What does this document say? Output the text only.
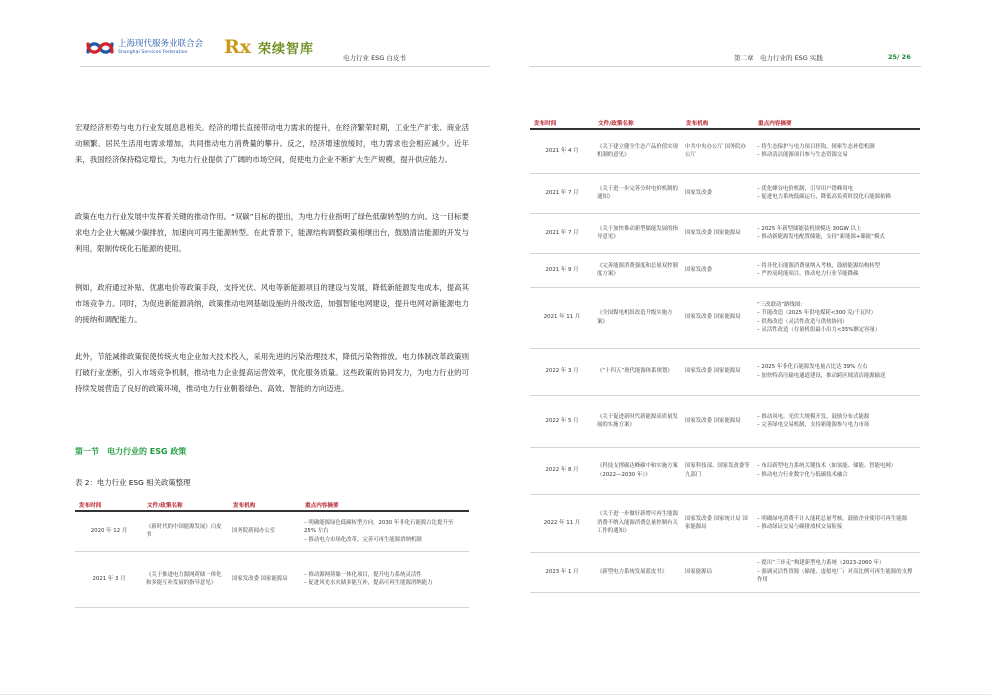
上海现代服务业联合会
Shanghai Services Federation	Rx 荣续智库
电力行业 ESG 白皮书	第二章　电力行业的 ESG 实践	25/ 26
宏观经济形势与电力行业发展息息相关。经济的增长直接带动电力需求的提升，在经济繁荣时期，工业生产扩张、商业活动频繁、居民生活用电需求增加，共同推动电力消费量的攀升。反之，经济增速放缓时，电力需求也会相应减少。近年来，我国经济保持稳定增长，为电力行业提供了广阔的市场空间，促使电力企业不断扩大生产规模，提升供应能力。
政策在电力行业发展中发挥着关键的推动作用。“双碳”目标的提出，为电力行业指明了绿色低碳转型的方向。这一目标要求电力企业大幅减少碳排放，加速向可再生能源转型。在此背景下，能源结构调整政策相继出台，鼓励清洁能源的开发与利用，限制传统化石能源的使用。
例如，政府通过补贴、优惠电价等政策手段，支持光伏、风电等新能源项目的建设与发展，降低新能源发电成本，提高其市场竞争力。同时，为促进新能源消纳，政策推动电网基础设施的升级改造，加强智能电网建设，提升电网对新能源电力的接纳和调配能力。
此外，节能减排政策促使传统火电企业加大技术投入，采用先进的污染治理技术，降低污染物排放。电力体制改革政策则打破行业垄断，引入市场竞争机制，推动电力企业提高运营效率，优化服务质量。这些政策的协同发力，为电力行业的可持续发展营造了良好的政策环境，推动电力行业朝着绿色、高效、智能的方向迈进。
第一节　电力行业的 ESG 政策
表 2：电力行业 ESG 相关政策整理
发布时间	文件/政策名称	发布机构	重点内容摘要
2020 年 12 月	《新时代的中国能源发展》白皮书	国务院新闻办公室	– 明确能源绿色低碳转型方向，2030 年非化石能源占比提升至 25% 左右
– 推动电力市场化改革，完善可再生能源消纳机制

2021 年 3 月	《关于推进电力源网荷储一体化和多能互补发展的指导意见》	国家发改委 国家能源局	– 推动源网荷储一体化项目，提升电力系统灵活性
– 促进风光水火储多能互补，提高可再生能源消纳能力
发布时间	文件/政策名称	发布机构	重点内容摘要
2021 年 4 月	《关于建立健全生态产品价值实现机制的意见》	中共中央办公厅 国务院办公厅	– 将生态保护与电力项目挂钩，探索生态补偿机制
– 推动清洁能源项目参与生态资源交易

2021 年 7 月	《关于进一步完善分时电价机制的通知》	国家发改委	– 优化峰谷电价机制，引导用户错峰用电
– 促进电力系统低碳运行，降低高负荷时段化石能源依赖

2021 年 7 月	《关于加快推动新型储能发展的指导意见》	国家发改委 国家能源局	– 2025 年新型储能装机规模达 30GW 以上
– 推动新能源发电配置储能，支持“新能源+储能”模式

2021 年 9 月	《完善能源消费强度和总量双控制度方案》	国家发改委	– 将非化石能源消费量纳入考核，鼓励能源结构转型
– 严控高耗能项目，推动电力行业节能降碳

2021 年 11 月	《全国煤电机组改造升级实施方案》	国家发改委 国家能源局	“三改联动”路线图：
– 节能改造（2025 年供电煤耗<300 克/千瓦时）
– 供热改造（灵活性改造与供热协同）
– 灵活性改造（存量机组最小出力<35%额定容量）

2022 年 3 月	《“十四五”现代能源体系规划》	国家发改委 国家能源局	– 2025 年非化石能源发电量占比达 39% 左右
– 加快特高压输电通道建设，推动跨区域清洁能源输送

2022 年 5 月	《关于促进新时代新能源高质量发展的实施方案》	国家发改委 国家能源局	– 推动风电、光伏大规模开发，鼓励分布式能源
– 完善绿电交易机制，支持新能源参与电力市场

2022 年 8 月	《科技支撑碳达峰碳中和实施方案（2022—2030 年）》	国家科技部、国家发改委等九部门	– 布局新型电力系统关键技术（如氢能、储能、智能电网）
– 推动电力行业数字化与低碳技术融合

2022 年 11 月	《关于进一步做好新增可再生能源消费不纳入能源消费总量控制有关工作的通知》	国家发改委 国家统计局 国家能源局	– 明确绿电消费不计入能耗总量考核，鼓励企业使用可再生能源
– 推动绿证交易与碳排放权交易衔接

2023 年 1 月	《新型电力系统发展蓝皮书》	国家能源局	– 提出“三步走”构建新型电力系统（2023-2060 年）
– 强调灵活性资源（储能、虚拟电厂）对高比例可再生能源的支撑作用
